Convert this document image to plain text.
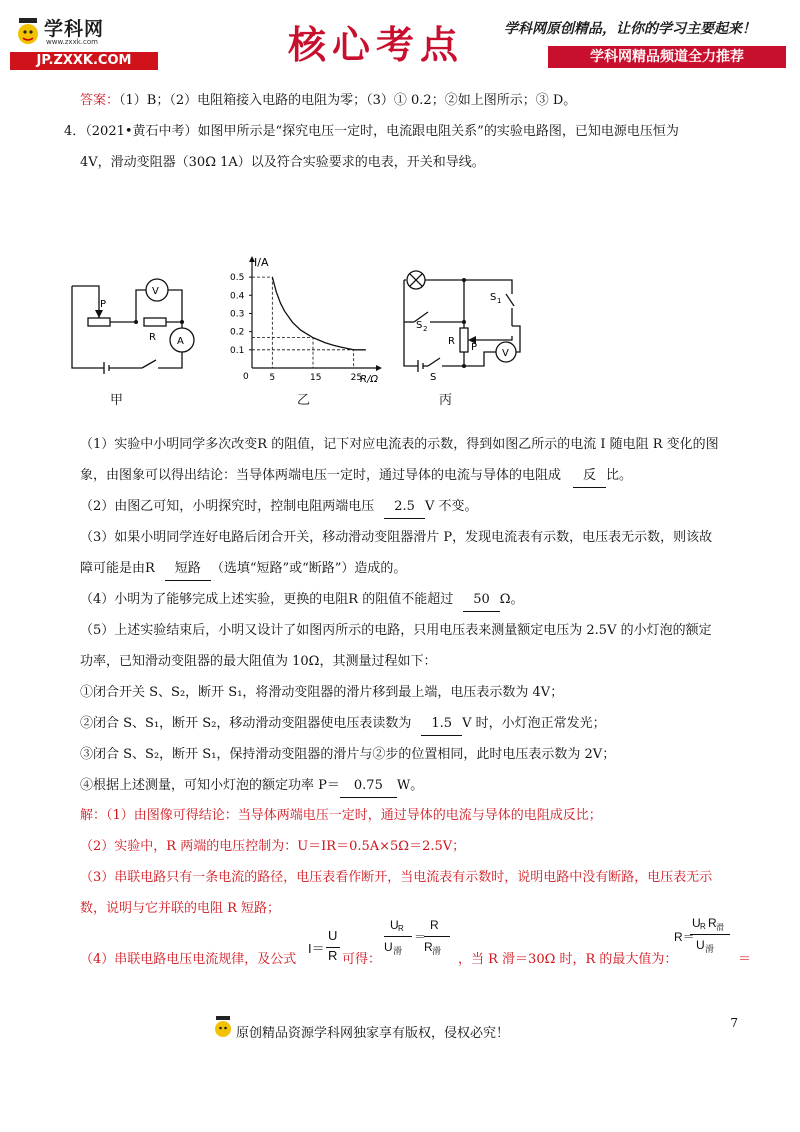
学科网
www.zxxk.com
JP.ZXXK.COM	核心考点	学科网原创精品，让你的学习主要起来！
学科网精品频道全力推荐
答案：（1）B；（2）电阻箱接入电路的电阻为零；（3）① 0.2；②如上图所示；③ D。
4．（2021•黄石中考）如图甲所示是“探究电压一定时，电流跟电阻关系”的实验电路图，已知电源电压恒为
4V，滑动变阻器（30Ω 1A）以及符合实验要求的电表，开关和导线。
P
R
V
A
甲
0.1
0.2
0.3
0.4
0.5
5	15	25
I/A
R/Ω
0
乙
S 1
S 2
R
P
V
S
丙
（1）实验中小明同学多次改变R 的阻值，记下对应电流表的示数，得到如图乙所示的电流 I 随电阻 R 变化的图
象，由图象可以得出结论：当导体两端电压一定时，通过导体的电流与导体的电阻成 反 比。
（2）由图乙可知，小明探究时，控制电阻两端电压 2.5 V 不变。
（3）如果小明同学连好电路后闭合开关，移动滑动变阻器滑片 P，发现电流表有示数，电压表无示数，则该故
障可能是由R 短路 （选填“短路”或“断路”）造成的。
（4）小明为了能够完成上述实验，更换的电阻R 的阻值不能超过 50 Ω。
（5）上述实验结束后，小明又设计了如图丙所示的电路，只用电压表来测量额定电压为 2.5V 的小灯泡的额定
功率，已知滑动变阻器的最大阻值为 10Ω，其测量过程如下：
①闭合开关 S、S₂，断开 S₁，将滑动变阻器的滑片移到最上端，电压表示数为 4V；
②闭合 S、S₁，断开 S₂，移动滑动变阻器使电压表读数为 1.5 V 时，小灯泡正常发光；
③闭合 S、S₂，断开 S₁，保持滑动变阻器的滑片与②步的位置相同，此时电压表示数为 2V；
④根据上述测量，可知小灯泡的额定功率 P＝ 0.75 W。
解：（1）由图像可得结论：当导体两端电压一定时，通过导体的电流与导体的电阻成反比；
（2）实验中，R 两端的电压控制为：U＝IR＝0.5A×5Ω＝2.5V；
（3）串联电路只有一条电流的路径，电压表看作断开，当电流表有示数时，说明电路中没有断路，电压表无示
数，说明与它并联的电阻 R 短路；
（4）串联电路电压电流规律，及公式
I＝
U
R 可得：
U R
U 滑
＝
R
R 滑
，当 R 滑＝30Ω 时，R 的最大值为：
R＝
U R R 滑
U 滑
＝
7
原创精品资源学科网独家享有版权，侵权必究！
